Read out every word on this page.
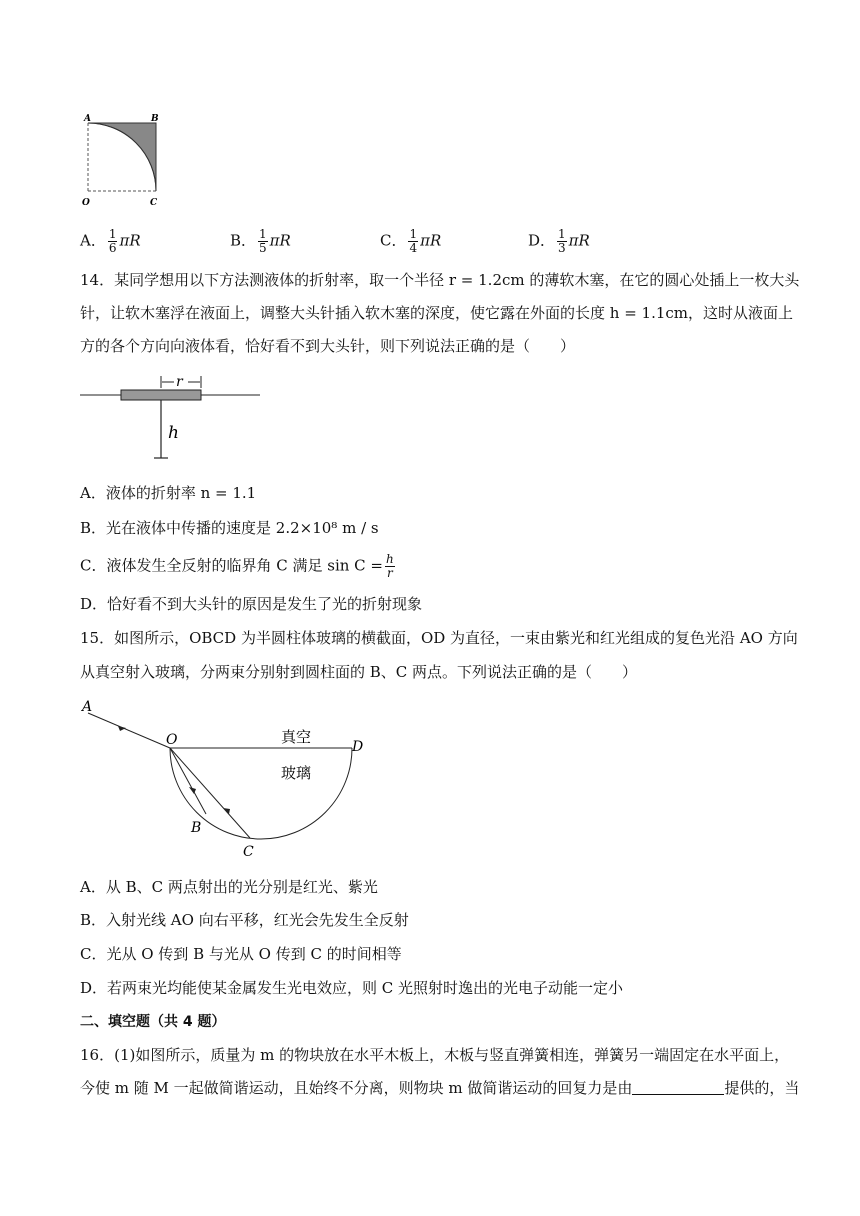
A	B
O	C
A． $\frac{1}{6}$ πR	B． $\frac{1}{5}$ πR	C． $\frac{1}{4}$ πR	D． $\frac{1}{3}$ πR
14．某同学想用以下方法测液体的折射率，取一个半径 r = 1.2cm 的薄软木塞，在它的圆心处插上一枚大头
针，让软木塞浮在液面上，调整大头针插入软木塞的深度，使它露在外面的长度 h = 1.1cm，这时从液面上
方的各个方向向液体看，恰好看不到大头针，则下列说法正确的是（　　）
r
h
A．液体的折射率 n = 1.1
B．光在液体中传播的速度是 2.2×10⁸ m / s
C．液体发生全反射的临界角 C 满足 $\sin C = \frac{h}{r}$
D．恰好看不到大头针的原因是发生了光的折射现象
15．如图所示，OBCD 为半圆柱体玻璃的横截面，OD 为直径，一束由紫光和红光组成的复色光沿 AO 方向
从真空射入玻璃，分两束分别射到圆柱面的 B、C 两点。下列说法正确的是（　　）
A
O	D
B
C
真空
玻璃
A．从 B、C 两点射出的光分别是红光、紫光
B．入射光线 AO 向右平移，红光会先发生全反射
C．光从 O 传到 B 与光从 O 传到 C 的时间相等
D．若两束光均能使某金属发生光电效应，则 C 光照射时逸出的光电子动能一定小
二、填空题（共 4 题）
16．(1)如图所示，质量为 m 的物块放在水平木板上，木板与竖直弹簧相连，弹簧另一端固定在水平面上，
今使 m 随 M 一起做简谐运动，且始终不分离，则物块 m 做简谐运动的回复力是由	提供的，当
